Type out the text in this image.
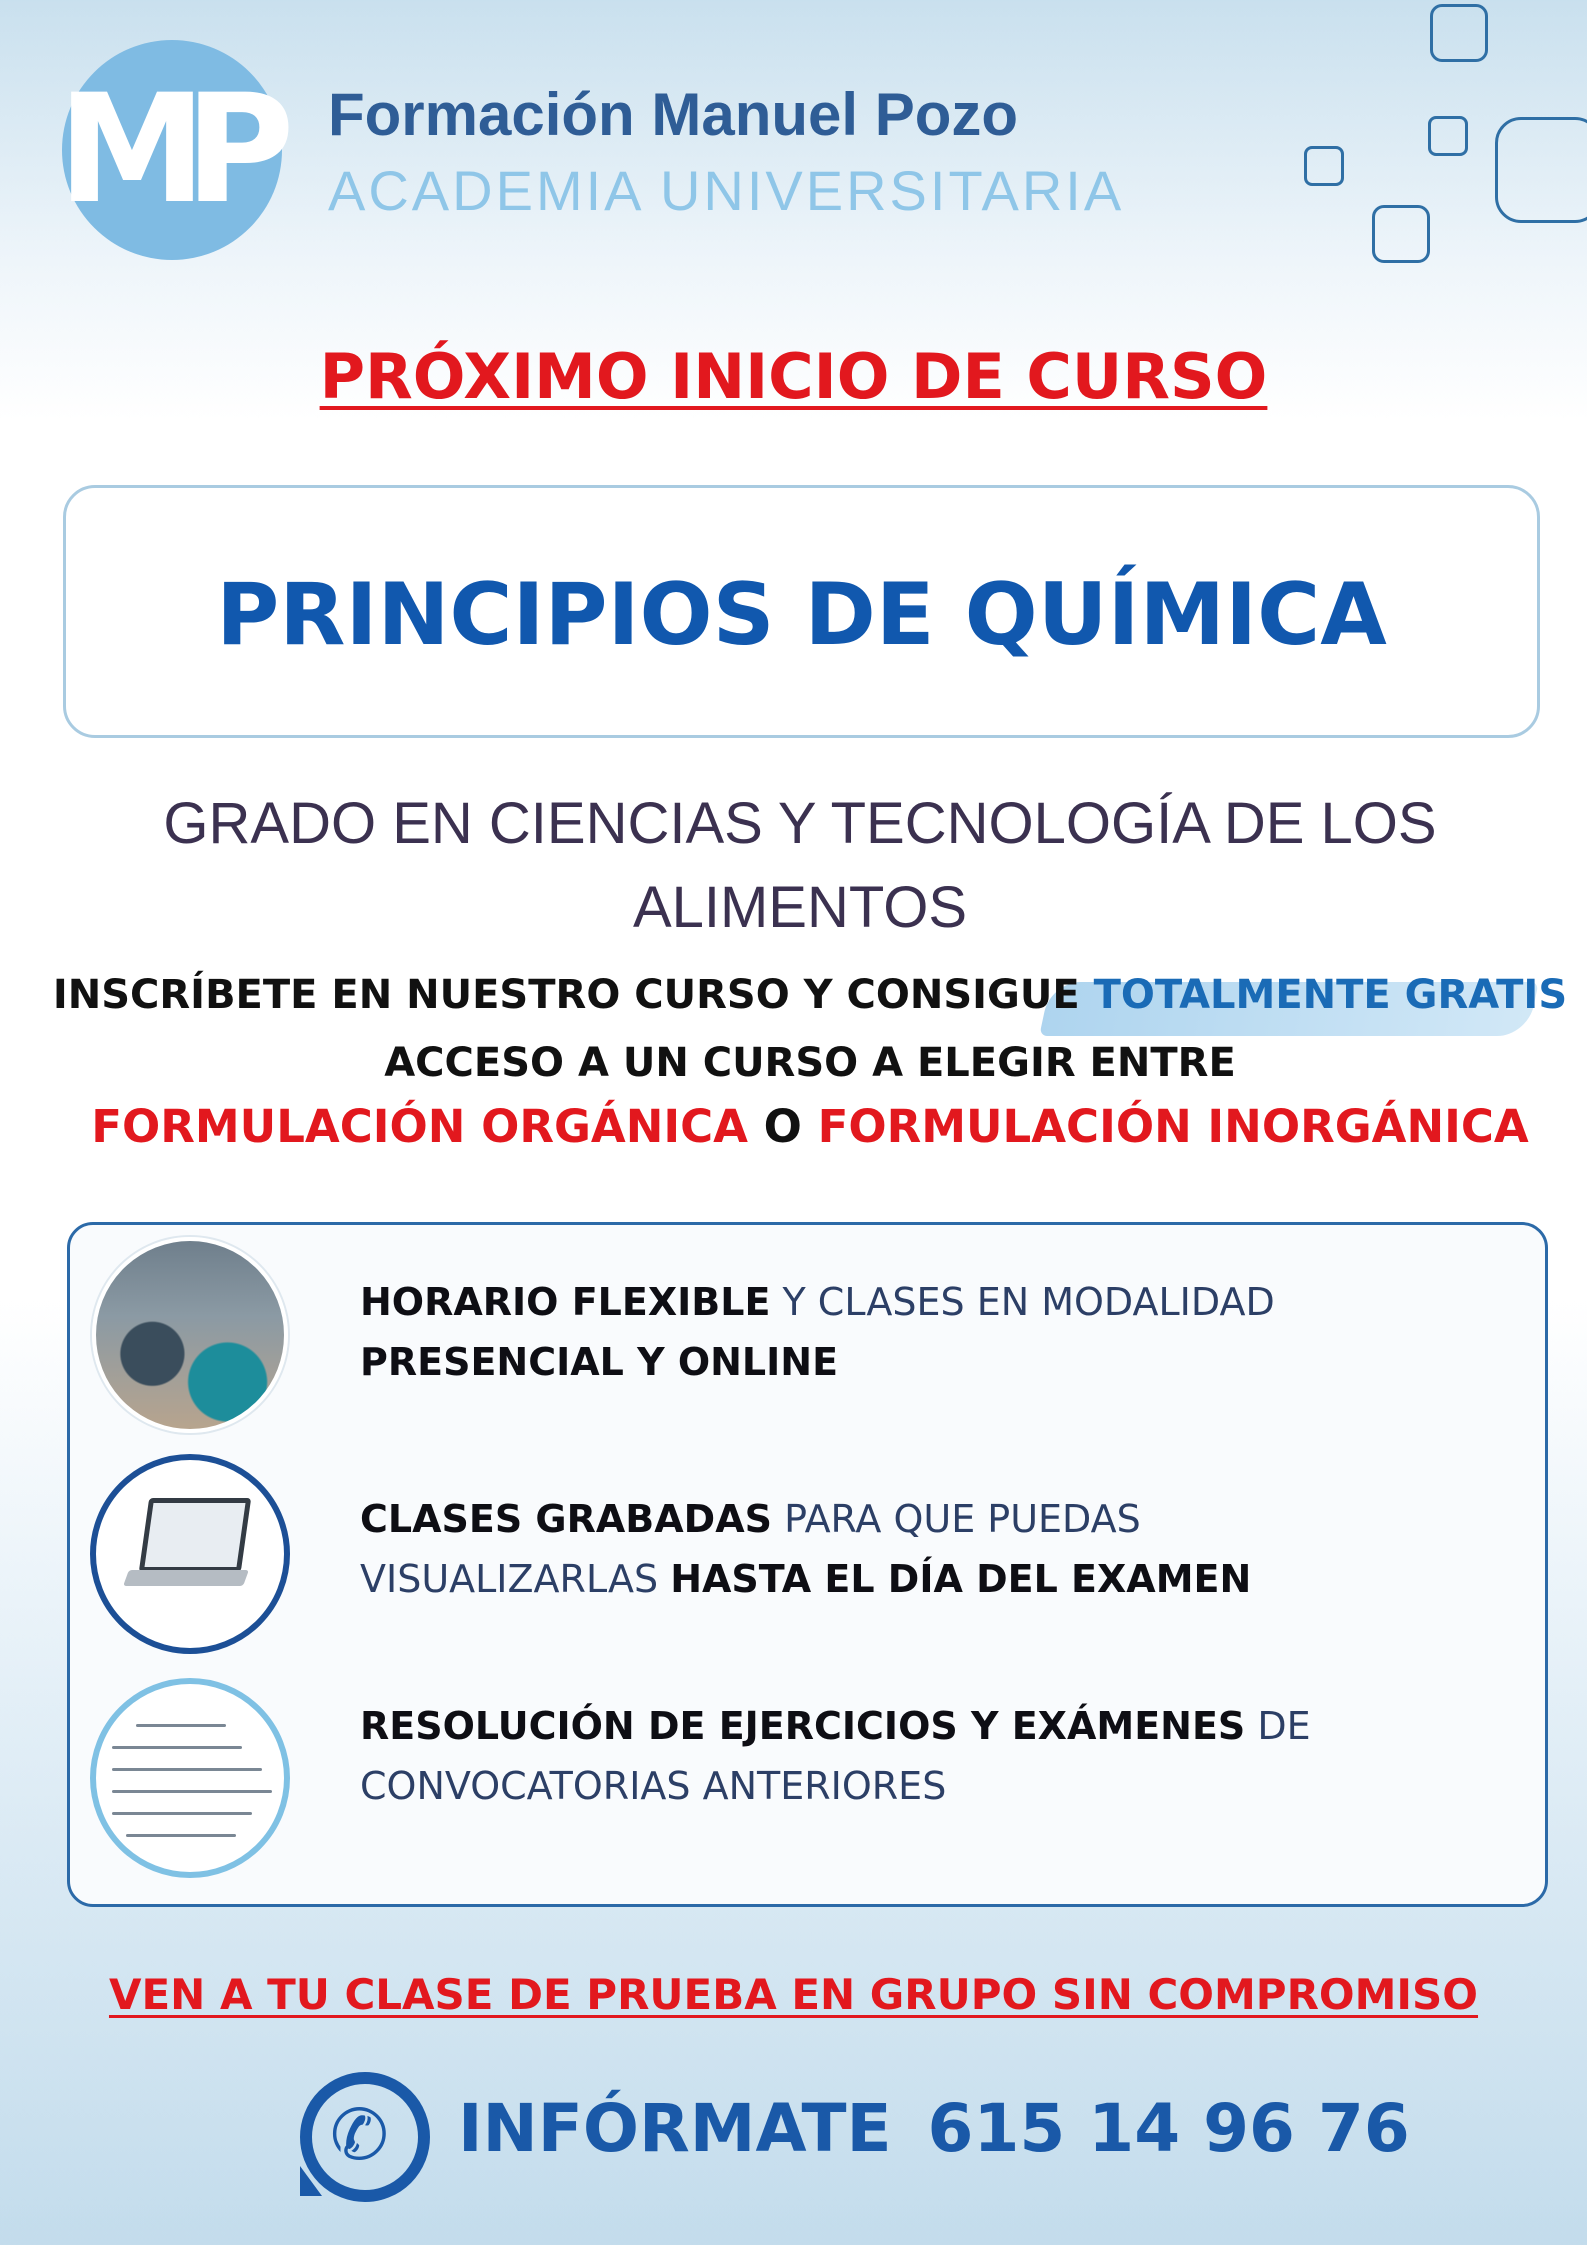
MP Formación Manuel Pozo
ACADEMIA UNIVERSITARIA
PRÓXIMO INICIO DE CURSO
PRINCIPIOS DE QUÍMICA
GRADO EN CIENCIAS Y TECNOLOGÍA DE LOS
ALIMENTOS
INSCRÍBETE EN NUESTRO CURSO Y CONSIGUE TOTALMENTE GRATIS
ACCESO A UN CURSO A ELEGIR ENTRE
FORMULACIÓN ORGÁNICA O FORMULACIÓN INORGÁNICA
HORARIO FLEXIBLE Y CLASES EN MODALIDAD
PRESENCIAL Y ONLINE
CLASES GRABADAS PARA QUE PUEDAS
VISUALIZARLAS HASTA EL DÍA DEL EXAMEN
RESOLUCIÓN DE EJERCICIOS Y EXÁMENES DE
CONVOCATORIAS ANTERIORES
VEN A TU CLASE DE PRUEBA EN GRUPO SIN COMPROMISO
✆ INFÓRMATE 615 14 96 76
